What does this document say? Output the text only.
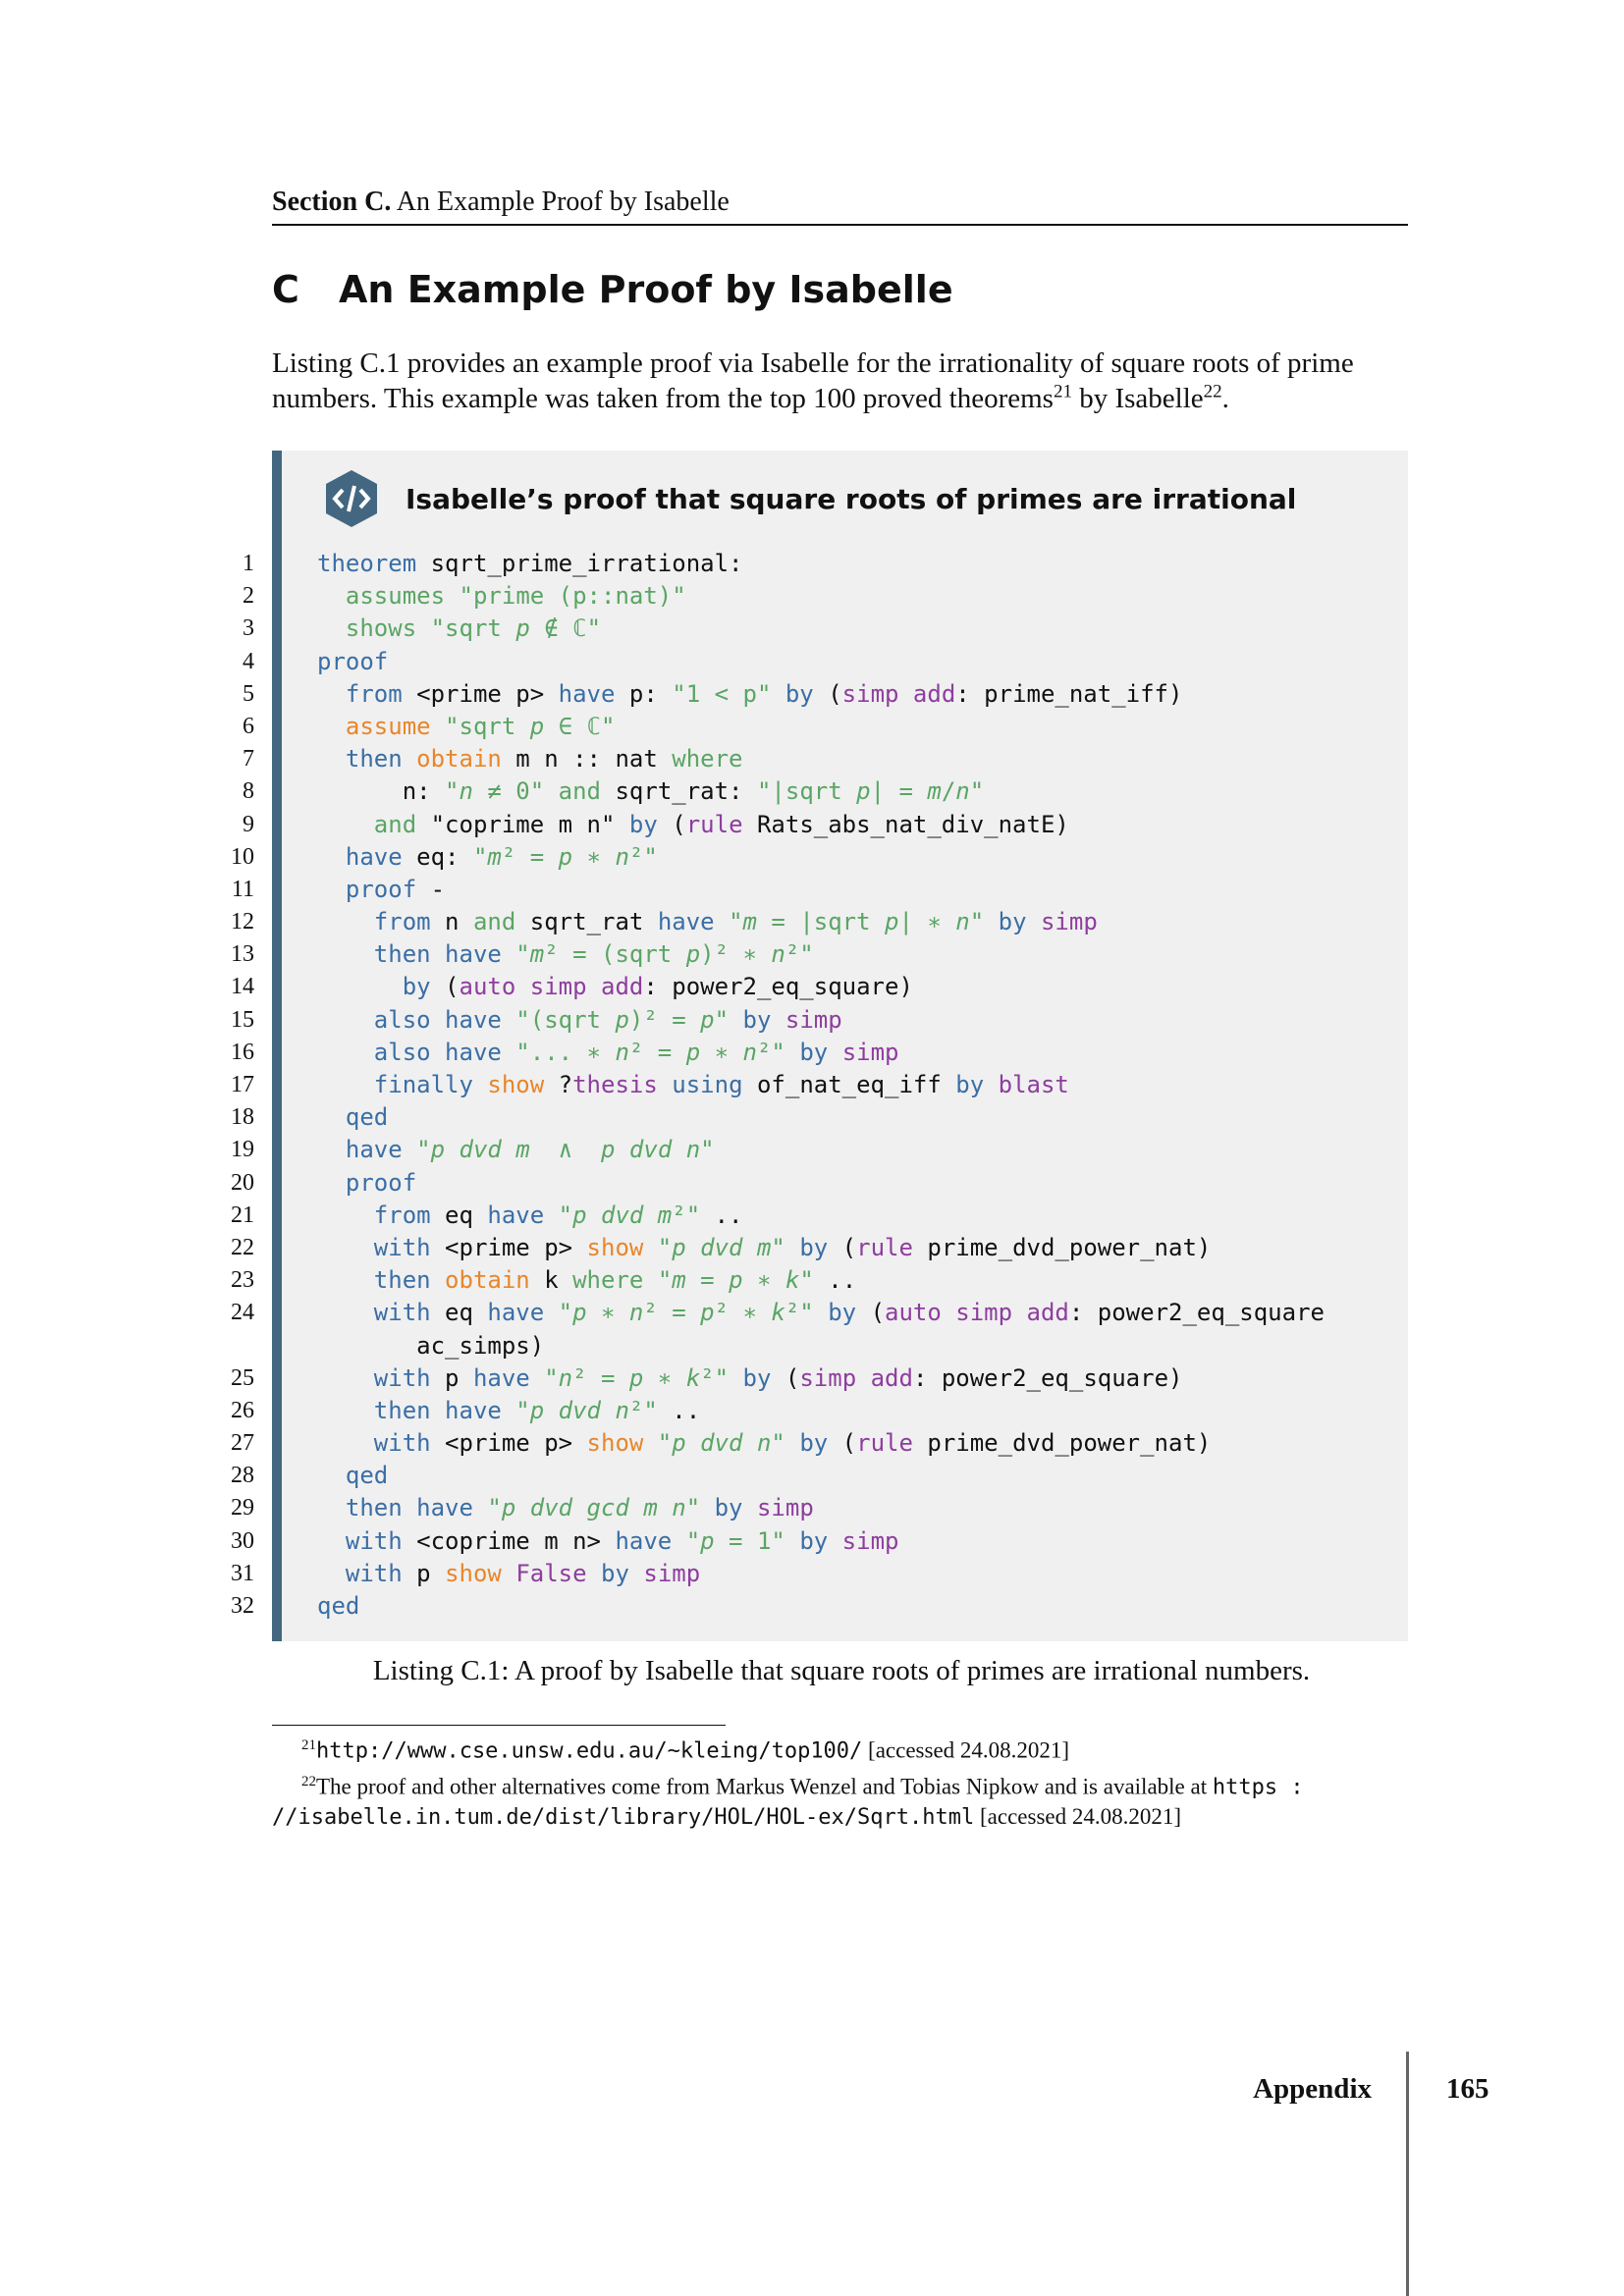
Section C. An Example Proof by Isabelle
C An Example Proof by Isabelle
Listing C.1 provides an example proof via Isabelle for the irrationality of square roots of prime numbers. This example was taken from the top 100 proved theorems$^{21}$ by Isabelle$^{22}$.
Isabelle’s proof that square roots of primes are irrational
1	theorem sqrt_prime_irrational:
2	assumes "prime (p::nat)"
3	shows "sqrt p ∉ ℂ"
4	proof
5	from <prime p> have p: "1 < p" by (simp add: prime_nat_iff)
6	assume "sqrt p ∈ ℂ"
7	then obtain m n :: nat where
8	n: "n ≠ 0" and sqrt_rat: "|sqrt p| = m/n"
9	and "coprime m n" by (rule Rats_abs_nat_div_natE)
10	have eq: "m² = p ∗ n²"
11	proof -
12	from n and sqrt_rat have "m = |sqrt p| ∗ n" by simp
13	then have "m² = (sqrt p)² ∗ n²"
14	by (auto simp add: power2_eq_square)
15	also have "(sqrt p)² = p" by simp
16	also have "... ∗ n² = p ∗ n²" by simp
17	finally show ?thesis using of_nat_eq_iff by blast
18	qed
19	have "p dvd m  ∧  p dvd n"
20	proof
21	from eq have "p dvd m²" ..
22	with <prime p> show "p dvd m" by (rule prime_dvd_power_nat)
23	then obtain k where "m = p ∗ k" ..
24	with eq have "p ∗ n² = p² ∗ k²" by (auto simp add: power2_eq_square
ac_simps)
25	with p have "n² = p ∗ k²" by (simp add: power2_eq_square)
26	then have "p dvd n²" ..
27	with <prime p> show "p dvd n" by (rule prime_dvd_power_nat)
28	qed
29	then have "p dvd gcd m n" by simp
30	with <coprime m n> have "p = 1" by simp
31	with p show False by simp
32	qed
Listing C.1: A proof by Isabelle that square roots of primes are irrational numbers.
$^{21}$http://www.cse.unsw.edu.au/~kleing/top100/ [accessed 24.08.2021]
$^{22}$The proof and other alternatives come from Markus Wenzel and Tobias Nipkow and is available at https :
//isabelle.in.tum.de/dist/library/HOL/HOL-ex/Sqrt.html [accessed 24.08.2021]
Appendix	165
